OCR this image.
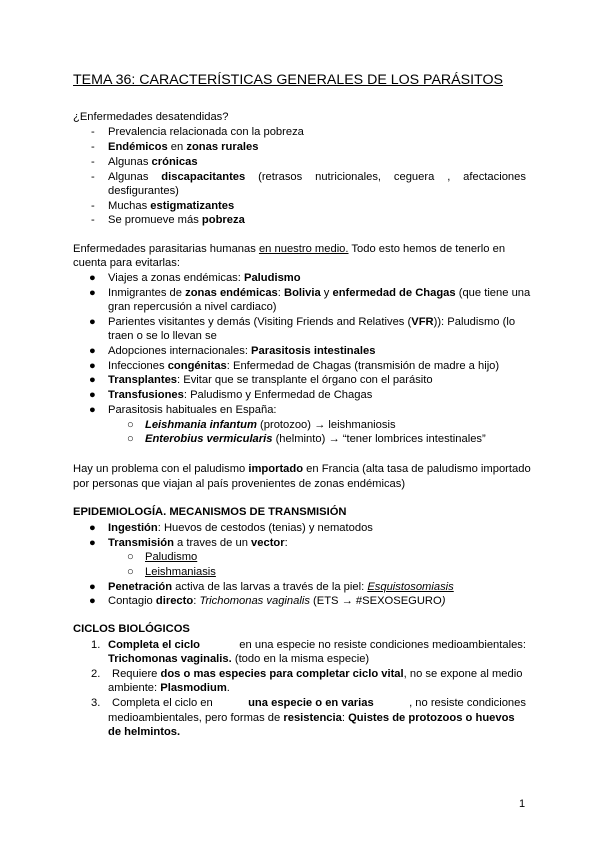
TEMA 36: CARACTERÍSTICAS GENERALES DE LOS PARÁSITOS
¿Enfermedades desatendidas?
- Prevalencia relacionada con la pobreza
- Endémicos en zonas rurales
- Algunas crónicas
- Algunas discapacitantes (retrasos nutricionales, ceguera , afectaciones
desfigurantes)
- Muchas estigmatizantes
- Se promueve más pobreza
Enfermedades parasitarias humanas en nuestro medio. Todo esto hemos de tenerlo en
cuenta para evitarlas:
● Viajes a zonas endémicas: Paludismo
● Inmigrantes de zonas endémicas: Bolivia y enfermedad de Chagas (que tiene una
gran repercusión a nivel cardiaco)
● Parientes visitantes y demás (Visiting Friends and Relatives (VFR)): Paludismo (lo
traen o se lo llevan se
● Adopciones internacionales: Parasitosis intestinales
● Infecciones congénitas: Enfermedad de Chagas (transmisión de madre a hijo)
● Transplantes: Evitar que se transplante el órgano con el parásito
● Transfusiones: Paludismo y Enfermedad de Chagas
● Parasitosis habituales en España:
○ Leishmania infantum (protozoo) → leishmaniosis
○ Enterobius vermicularis (helminto) → “tener lombrices intestinales”
Hay un problema con el paludismo importado en Francia (alta tasa de paludismo importado
por personas que viajan al país provenientes de zonas endémicas)
EPIDEMIOLOGÍA. MECANISMOS DE TRANSMISIÓN
● Ingestión: Huevos de cestodos (tenias) y nematodos
● Transmisión a traves de un vector:
○ Paludismo
○ Leishmaniasis
● Penetración activa de las larvas a través de la piel: Esquistosomiasis
● Contagio directo: Trichomonas vaginalis (ETS → #SEXOSEGURO)
CICLOS BIOLÓGICOS
1. Completa el ciclo	en una especie no resiste condiciones medioambientales:
Trichomonas vaginalis. (todo en la misma especie)
2. Requiere dos o mas especies para completar ciclo vital, no se expone al medio
ambiente: Plasmodium.
3. Completa el ciclo en	una especie o en varias	, no resiste condiciones
medioambientales, pero formas de resistencia: Quistes de protozoos o huevos
de helmintos.
1
